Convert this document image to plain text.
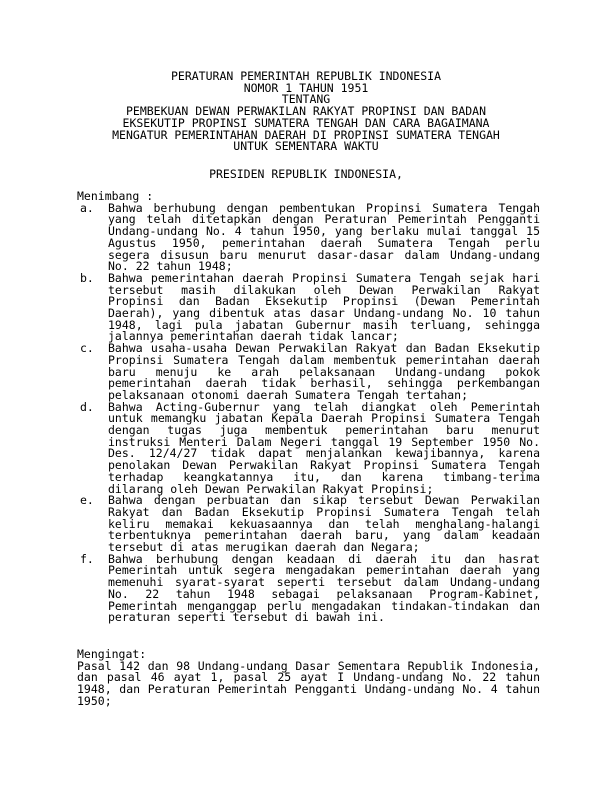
PERATURAN PEMERINTAH REPUBLIK INDONESIA
NOMOR 1 TAHUN 1951
TENTANG
PEMBEKUAN DEWAN PERWAKILAN RAKYAT PROPINSI DAN BADAN
EKSEKUTIP PROPINSI SUMATERA TENGAH DAN CARA BAGAIMANA
MENGATUR PEMERINTAHAN DAERAH DI PROPINSI SUMATERA TENGAH
UNTUK SEMENTARA WAKTU
PRESIDEN REPUBLIK INDONESIA,
Menimbang :
a. Bahwa berhubung dengan pembentukan Propinsi Sumatera Tengah
yang telah ditetapkan dengan Peraturan Pemerintah Pengganti
Undang-undang No. 4 tahun 1950, yang berlaku mulai tanggal 15
Agustus 1950, pemerintahan daerah Sumatera Tengah perlu
segera disusun baru menurut dasar-dasar dalam Undang-undang
No. 22 tahun 1948;
b. Bahwa pemerintahan daerah Propinsi Sumatera Tengah sejak hari
tersebut masih dilakukan oleh Dewan Perwakilan Rakyat
Propinsi dan Badan Eksekutip Propinsi (Dewan Pemerintah
Daerah), yang dibentuk atas dasar Undang-undang No. 10 tahun
1948, lagi pula jabatan Gubernur masih terluang, sehingga
jalannya pemerintahan daerah tidak lancar;
c. Bahwa usaha-usaha Dewan Perwakilan Rakyat dan Badan Eksekutip
Propinsi Sumatera Tengah dalam membentuk pemerintahan daerah
baru menuju ke arah pelaksanaan Undang-undang pokok
pemerintahan daerah tidak berhasil, sehingga perkembangan
pelaksanaan otonomi daerah Sumatera Tengah tertahan;
d. Bahwa Acting-Gubernur yang telah diangkat oleh Pemerintah
untuk memangku jabatan Kepala Daerah Propinsi Sumatera Tengah
dengan tugas juga membentuk pemerintahan baru menurut
instruksi Menteri Dalam Negeri tanggal 19 September 1950 No.
Des. 12/4/27 tidak dapat menjalankan kewajibannya, karena
penolakan Dewan Perwakilan Rakyat Propinsi Sumatera Tengah
terhadap keangkatannya itu, dan karena timbang-terima
dilarang oleh Dewan Perwakilan Rakyat Propinsi;
e. Bahwa dengan perbuatan dan sikap tersebut Dewan Perwakilan
Rakyat dan Badan Eksekutip Propinsi Sumatera Tengah telah
keliru memakai kekuasaannya dan telah menghalang-halangi
terbentuknya pemerintahan daerah baru, yang dalam keadaan
tersebut di atas merugikan daerah dan Negara;
f. Bahwa berhubung dengan keadaan di daerah itu dan hasrat
Pemerintah untuk segera mengadakan pemerintahan daerah yang
memenuhi syarat-syarat seperti tersebut dalam Undang-undang
No. 22 tahun 1948 sebagai pelaksanaan Program-Kabinet,
Pemerintah menganggap perlu mengadakan tindakan-tindakan dan
peraturan seperti tersebut di bawah ini.
Mengingat:
Pasal 142 dan 98 Undang-undang Dasar Sementara Republik Indonesia,
dan pasal 46 ayat 1, pasal 25 ayat I Undang-undang No. 22 tahun
1948, dan Peraturan Pemerintah Pengganti Undang-undang No. 4 tahun
1950;
